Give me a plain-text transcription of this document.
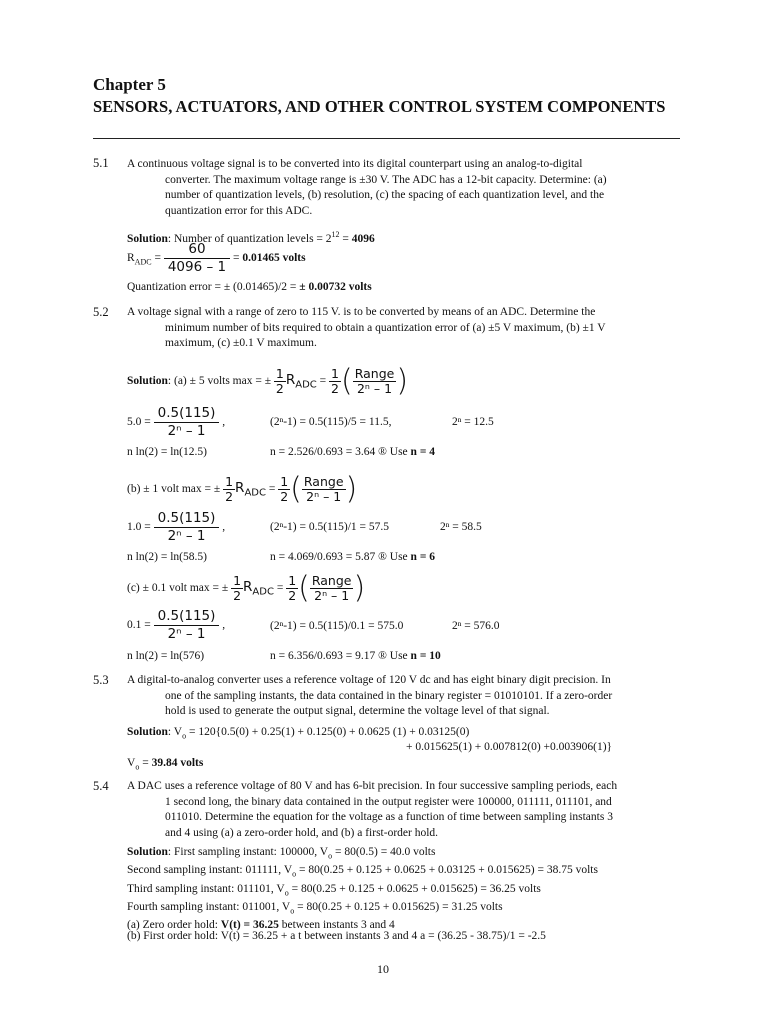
Chapter 5
SENSORS, ACTUATORS, AND OTHER CONTROL SYSTEM COMPONENTS
5.1 A continuous voltage signal is to be converted into its digital counterpart using an analog-to-digital
converter. The maximum voltage range is ±30 V. The ADC has a 12-bit capacity. Determine: (a)
number of quantization levels, (b) resolution, (c) the spacing of each quantization level, and the
quantization error for this ADC.
Solution: Number of quantization levels = $2^{12} = 4096$
$R_{ADC} = \frac{60}{4096 - 1} = 0.01465$ volts
Quantization error = ± (0.01465)/2 = ± 0.00732 volts
5.2 A voltage signal with a range of zero to 115 V. is to be converted by means of an ADC. Determine the
minimum number of bits required to obtain a quantization error of (a) ±5 V maximum, (b) ±1 V
maximum, (c) ±0.1 V maximum.
Solution: (a) ± 5 volts max = ± $\frac{1}{2} R_{ADC} = \frac{1}{2}$ ( $\frac{\text{Range}}{\text{2ⁿ – 1}}$ )
$5.0 = \frac{0.5(115)}{\text{2ⁿ – 1}}$ ,	(2ⁿ-1) = 0.5(115)/5 = 11.5,	2ⁿ = 12.5
n ln(2) = ln(12.5)	n = 2.526/0.693 = 3.64 ® Use n = 4
(b) ± 1 volt max = ± $\frac{1}{2} R_{ADC} = \frac{1}{2}$ ( $\frac{\text{Range}}{\text{2ⁿ – 1}}$ )
$1.0 = \frac{0.5(115)}{\text{2ⁿ – 1}}$ ,	(2ⁿ-1) = 0.5(115)/1 = 57.5	2ⁿ = 58.5
n ln(2) = ln(58.5)	n = 4.069/0.693 = 5.87 ® Use n = 6
(c) ± 0.1 volt max = ± $\frac{1}{2} R_{ADC} = \frac{1}{2}$ ( $\frac{\text{Range}}{\text{2ⁿ – 1}}$ )
$0.1 = \frac{0.5(115)}{\text{2ⁿ – 1}}$ ,	(2ⁿ-1) = 0.5(115)/0.1 = 575.0	2ⁿ = 576.0
n ln(2) = ln(576)	n = 6.356/0.693 = 9.17 ® Use n = 10
5.3 A digital-to-analog converter uses a reference voltage of 120 V dc and has eight binary digit precision. In
one of the sampling instants, the data contained in the binary register = 01010101. If a zero-order
hold is used to generate the output signal, determine the voltage level of that signal.
Solution: $V_o = 120\{0.5(0) + 0.25(1) + 0.125(0) + 0.0625$ (1) + 0.03125(0)
+ 0.015625(1) + 0.007812(0) +0.003906(1)}
$V_o = 39.84$ volts
5.4 A DAC uses a reference voltage of 80 V and has 6-bit precision. In four successive sampling periods, each
1 second long, the binary data contained in the output register were 100000, 011111, 011101, and
011010. Determine the equation for the voltage as a function of time between sampling instants 3
and 4 using (a) a zero-order hold, and (b) a first-order hold.
Solution: First sampling instant: 100000, $V_o = 80(0.5) = 40.0$ volts
Second sampling instant: 011111, $V_o = 80(0.25 + 0.125 + 0.0625 + 0.03125 + 0.015625) = 38.75$ volts
Third sampling instant: 011101, $V_o = 80(0.25 + 0.125 + 0.0625 + 0.015625) = 36.25$ volts
Fourth sampling instant: 011001, $V_o = 80(0.25 + 0.125 + 0.015625) = 31.25$ volts
(a) Zero order hold: V(t) = 36.25 between instants 3 and 4
(b) First order hold: V(t) = 36.25 + a t between instants 3 and 4 a = (36.25 - 38.75)/1 = -2.5
10
